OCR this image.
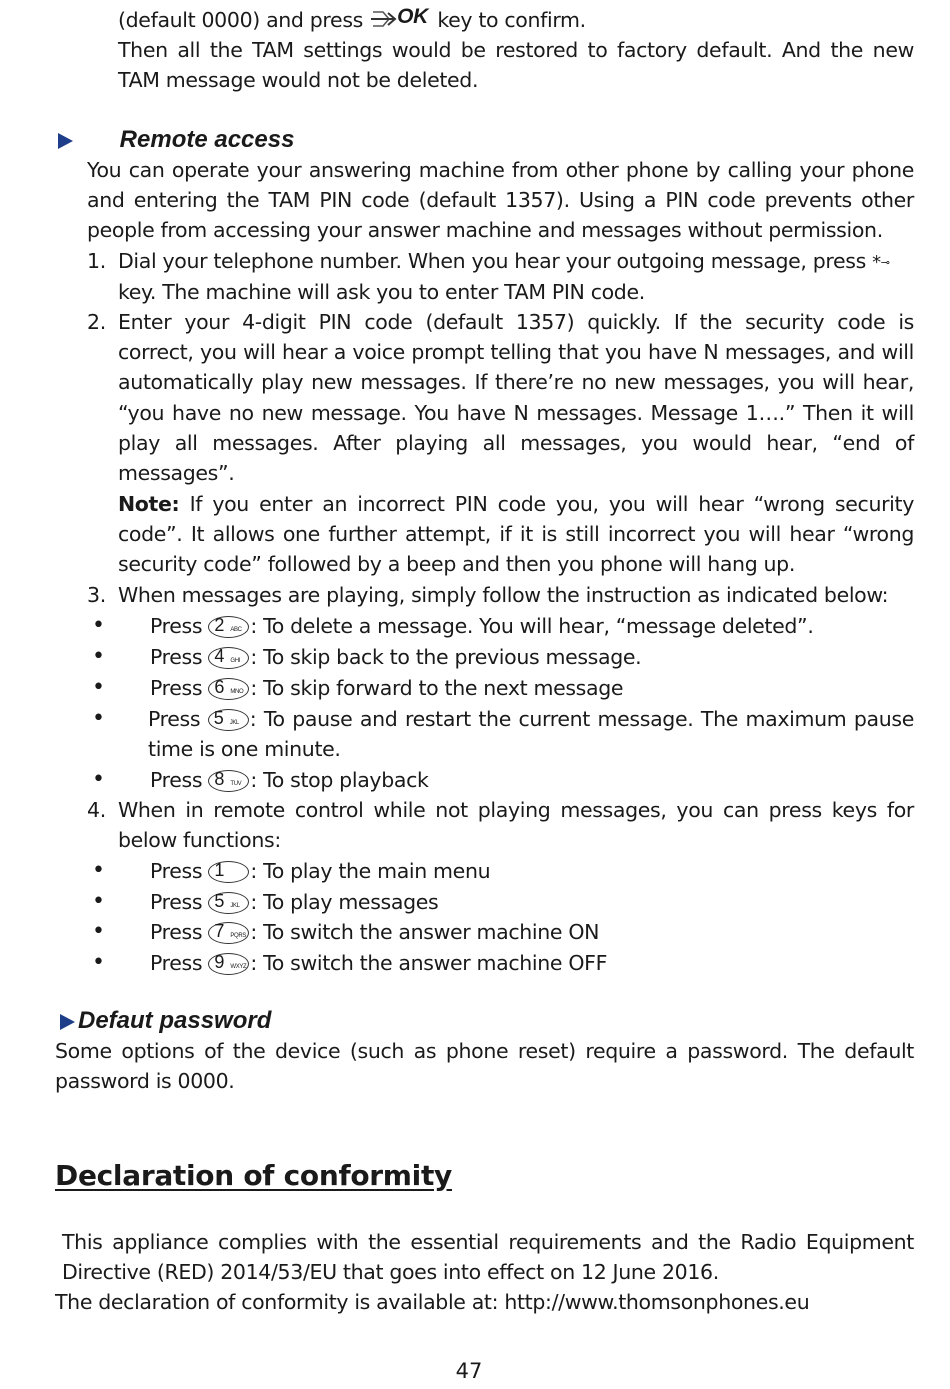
(default 0000) and press OK key to confirm.
Then all the TAM settings would be restored to factory default. And the new
TAM message would not be deleted.
Remote access
You can operate your answering machine from other phone by calling your phone
and entering the TAM PIN code (default 1357). Using a PIN code prevents other
people from accessing your answer machine and messages without permission.
1. Dial your telephone number. When you hear your outgoing message, press *⊸
key. The machine will ask you to enter TAM PIN code.
2. Enter your 4-digit PIN code (default 1357) quickly. If the security code is
correct, you will hear a voice prompt telling that you have N messages, and will
automatically play new messages. If there’re no new messages, you will hear,
“you have no new message. You have N messages. Message 1….” Then it will
play all messages. After playing all messages, you would hear, “end of
messages”.
Note: If you enter an incorrect PIN code you, you will hear “wrong security
code”. It allows one further attempt, if it is still incorrect you will hear “wrong
security code” followed by a beep and then you phone will hang up.
3. When messages are playing, simply follow the instruction as indicated below:
• Press 2 ABC : To delete a message. You will hear, “message deleted”.
• Press 4 GHI : To skip back to the previous message.
• Press 6 MNO : To skip forward to the next message
• Press 5 JKL : To pause and restart the current message. The maximum pause
time is one minute.
• Press 8 TUV : To stop playback
4. When in remote control while not playing messages, you can press keys for
below functions:
• Press 1 : To play the main menu
• Press 5 JKL : To play messages
• Press 7 PQRS : To switch the answer machine ON
• Press 9 WXYZ : To switch the answer machine OFF
Defaut password
Some options of the device (such as phone reset) require a password. The default
password is 0000.
Declaration of conformity
This appliance complies with the essential requirements and the Radio Equipment
Directive (RED) 2014/53/EU that goes into effect on 12 June 2016.
The declaration of conformity is available at: http://www.thomsonphones.eu
47
